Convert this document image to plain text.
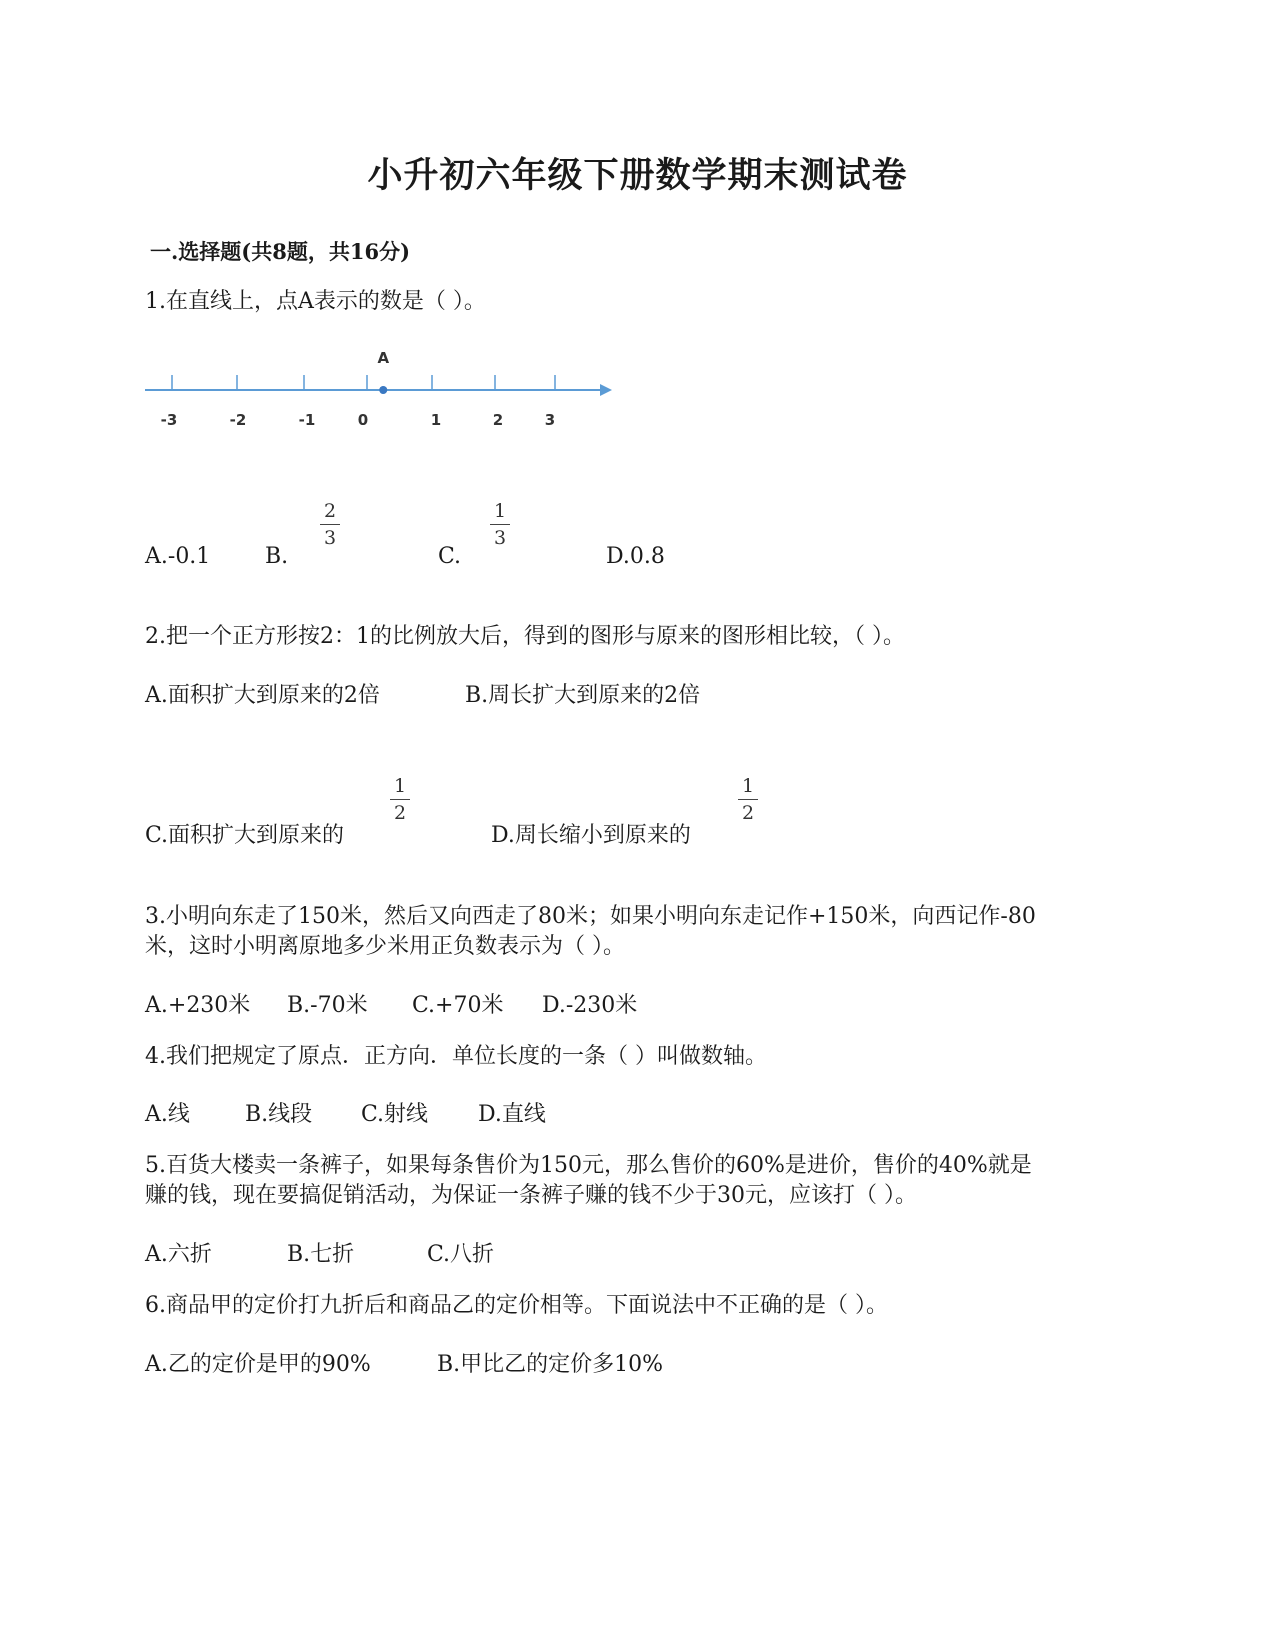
小升初六年级下册数学期末测试卷
一.选择题(共8题，共16分)
1.在直线上，点A表示的数是（ ）。
-3	-2	-1	0	1	2	3
A
A.-0.1 B.
2
3
C.
1
3
D.0.8
2.把一个正方形按2：1的比例放大后，得到的图形与原来的图形相比较，（ ）。
A.面积扩大到原来的2倍	B.周长扩大到原来的2倍
C.面积扩大到原来的
1
2
D.周长缩小到原来的
1
2
3.小明向东走了150米，然后又向西走了80米；如果小明向东走记作+150米，向西记作-80
米，这时小明离原地多少米用正负数表示为（ ）。
A.+230米 B.-70米 C.+70米 D.-230米
4.我们把规定了原点．正方向．单位长度的一条（ ）叫做数轴。
A.线	B.线段 C.射线 D.直线
5.百货大楼卖一条裤子，如果每条售价为150元，那么售价的60%是进价，售价的40%就是
赚的钱，现在要搞促销活动，为保证一条裤子赚的钱不少于30元，应该打（ ）。
A.六折	B.七折	C.八折
6.商品甲的定价打九折后和商品乙的定价相等。下面说法中不正确的是（ ）。
A.乙的定价是甲的90%	B.甲比乙的定价多10%
